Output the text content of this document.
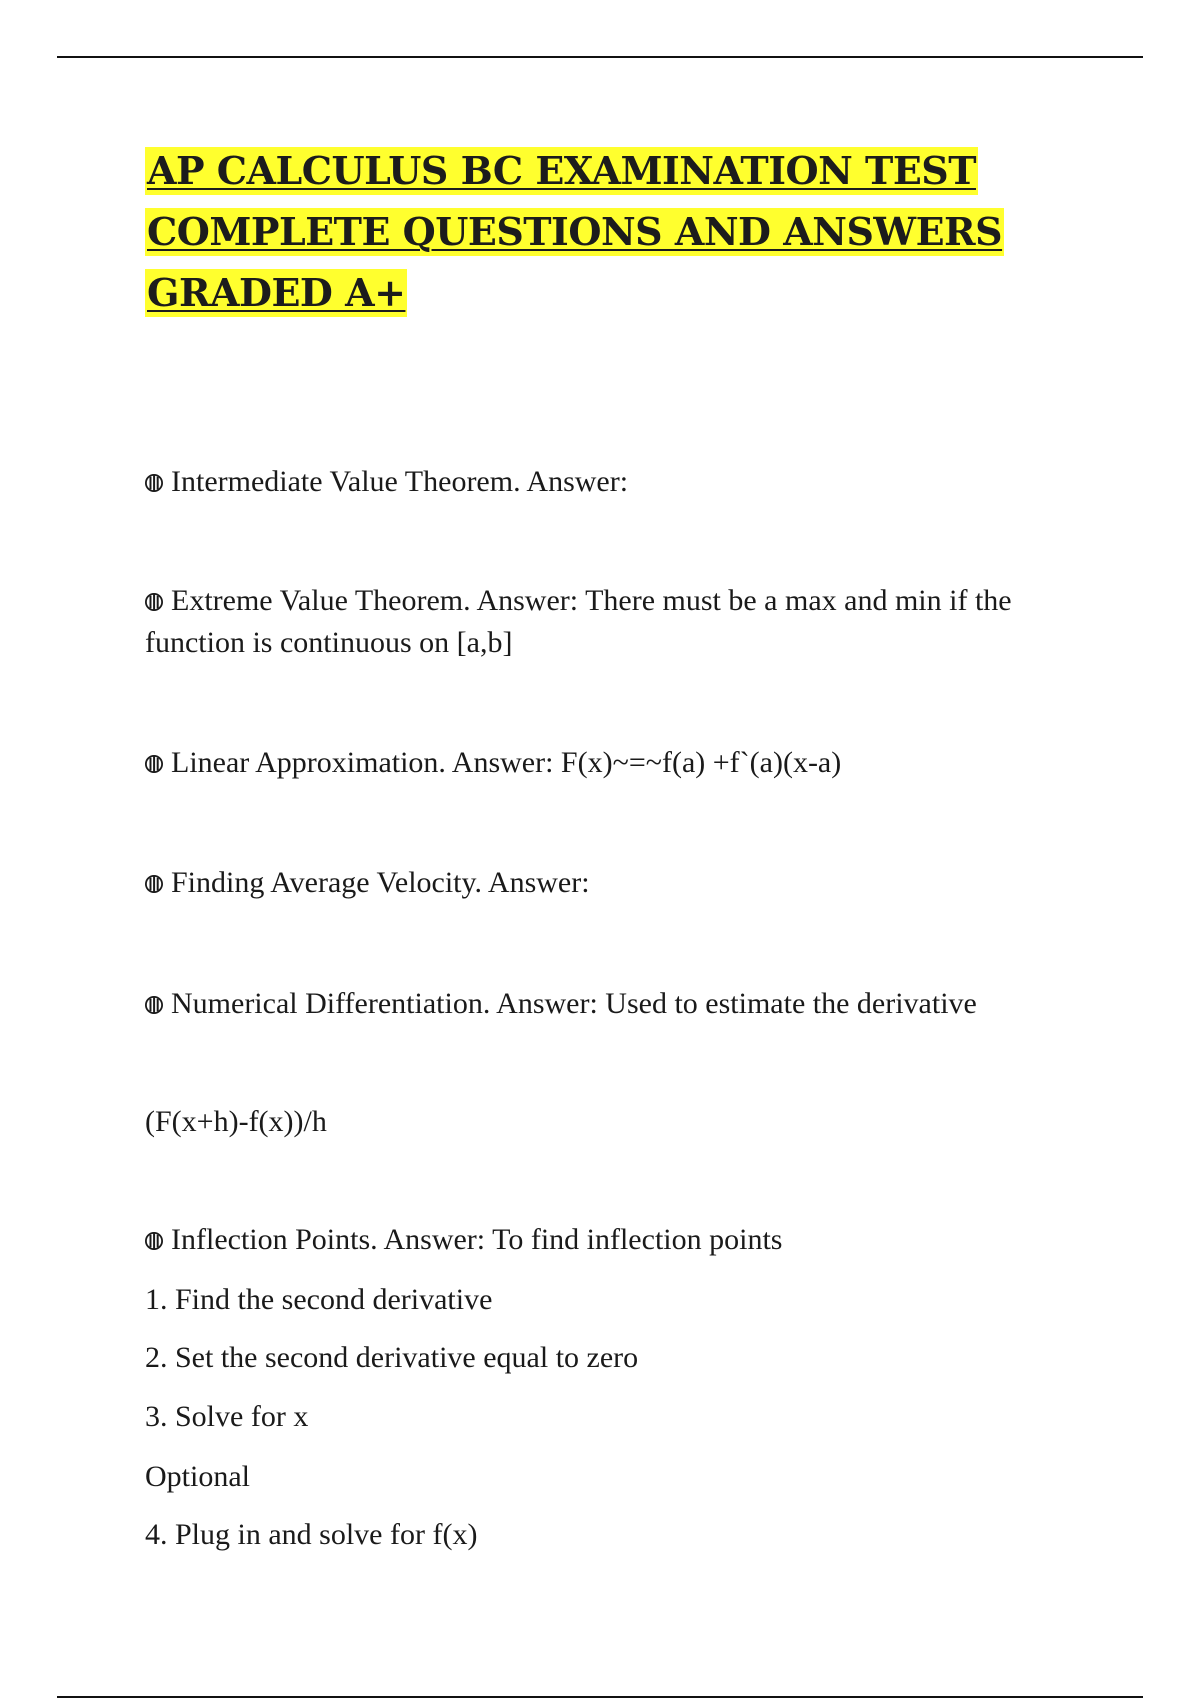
AP CALCULUS BC EXAMINATION TEST
COMPLETE QUESTIONS AND ANSWERS
GRADED A+

Intermediate Value Theorem. Answer:

Extreme Value Theorem. Answer: There must be a max and min if the function is continuous on [a,b]

Linear Approximation. Answer: F(x)~=~f(a) +f`(a)(x-a)

Finding Average Velocity. Answer:

Numerical Differentiation. Answer: Used to estimate the derivative

(F(x+h)-f(x))/h

Inflection Points. Answer: To find inflection points

1. Find the second derivative

2. Set the second derivative equal to zero

3. Solve for x

Optional

4. Plug in and solve for f(x)
